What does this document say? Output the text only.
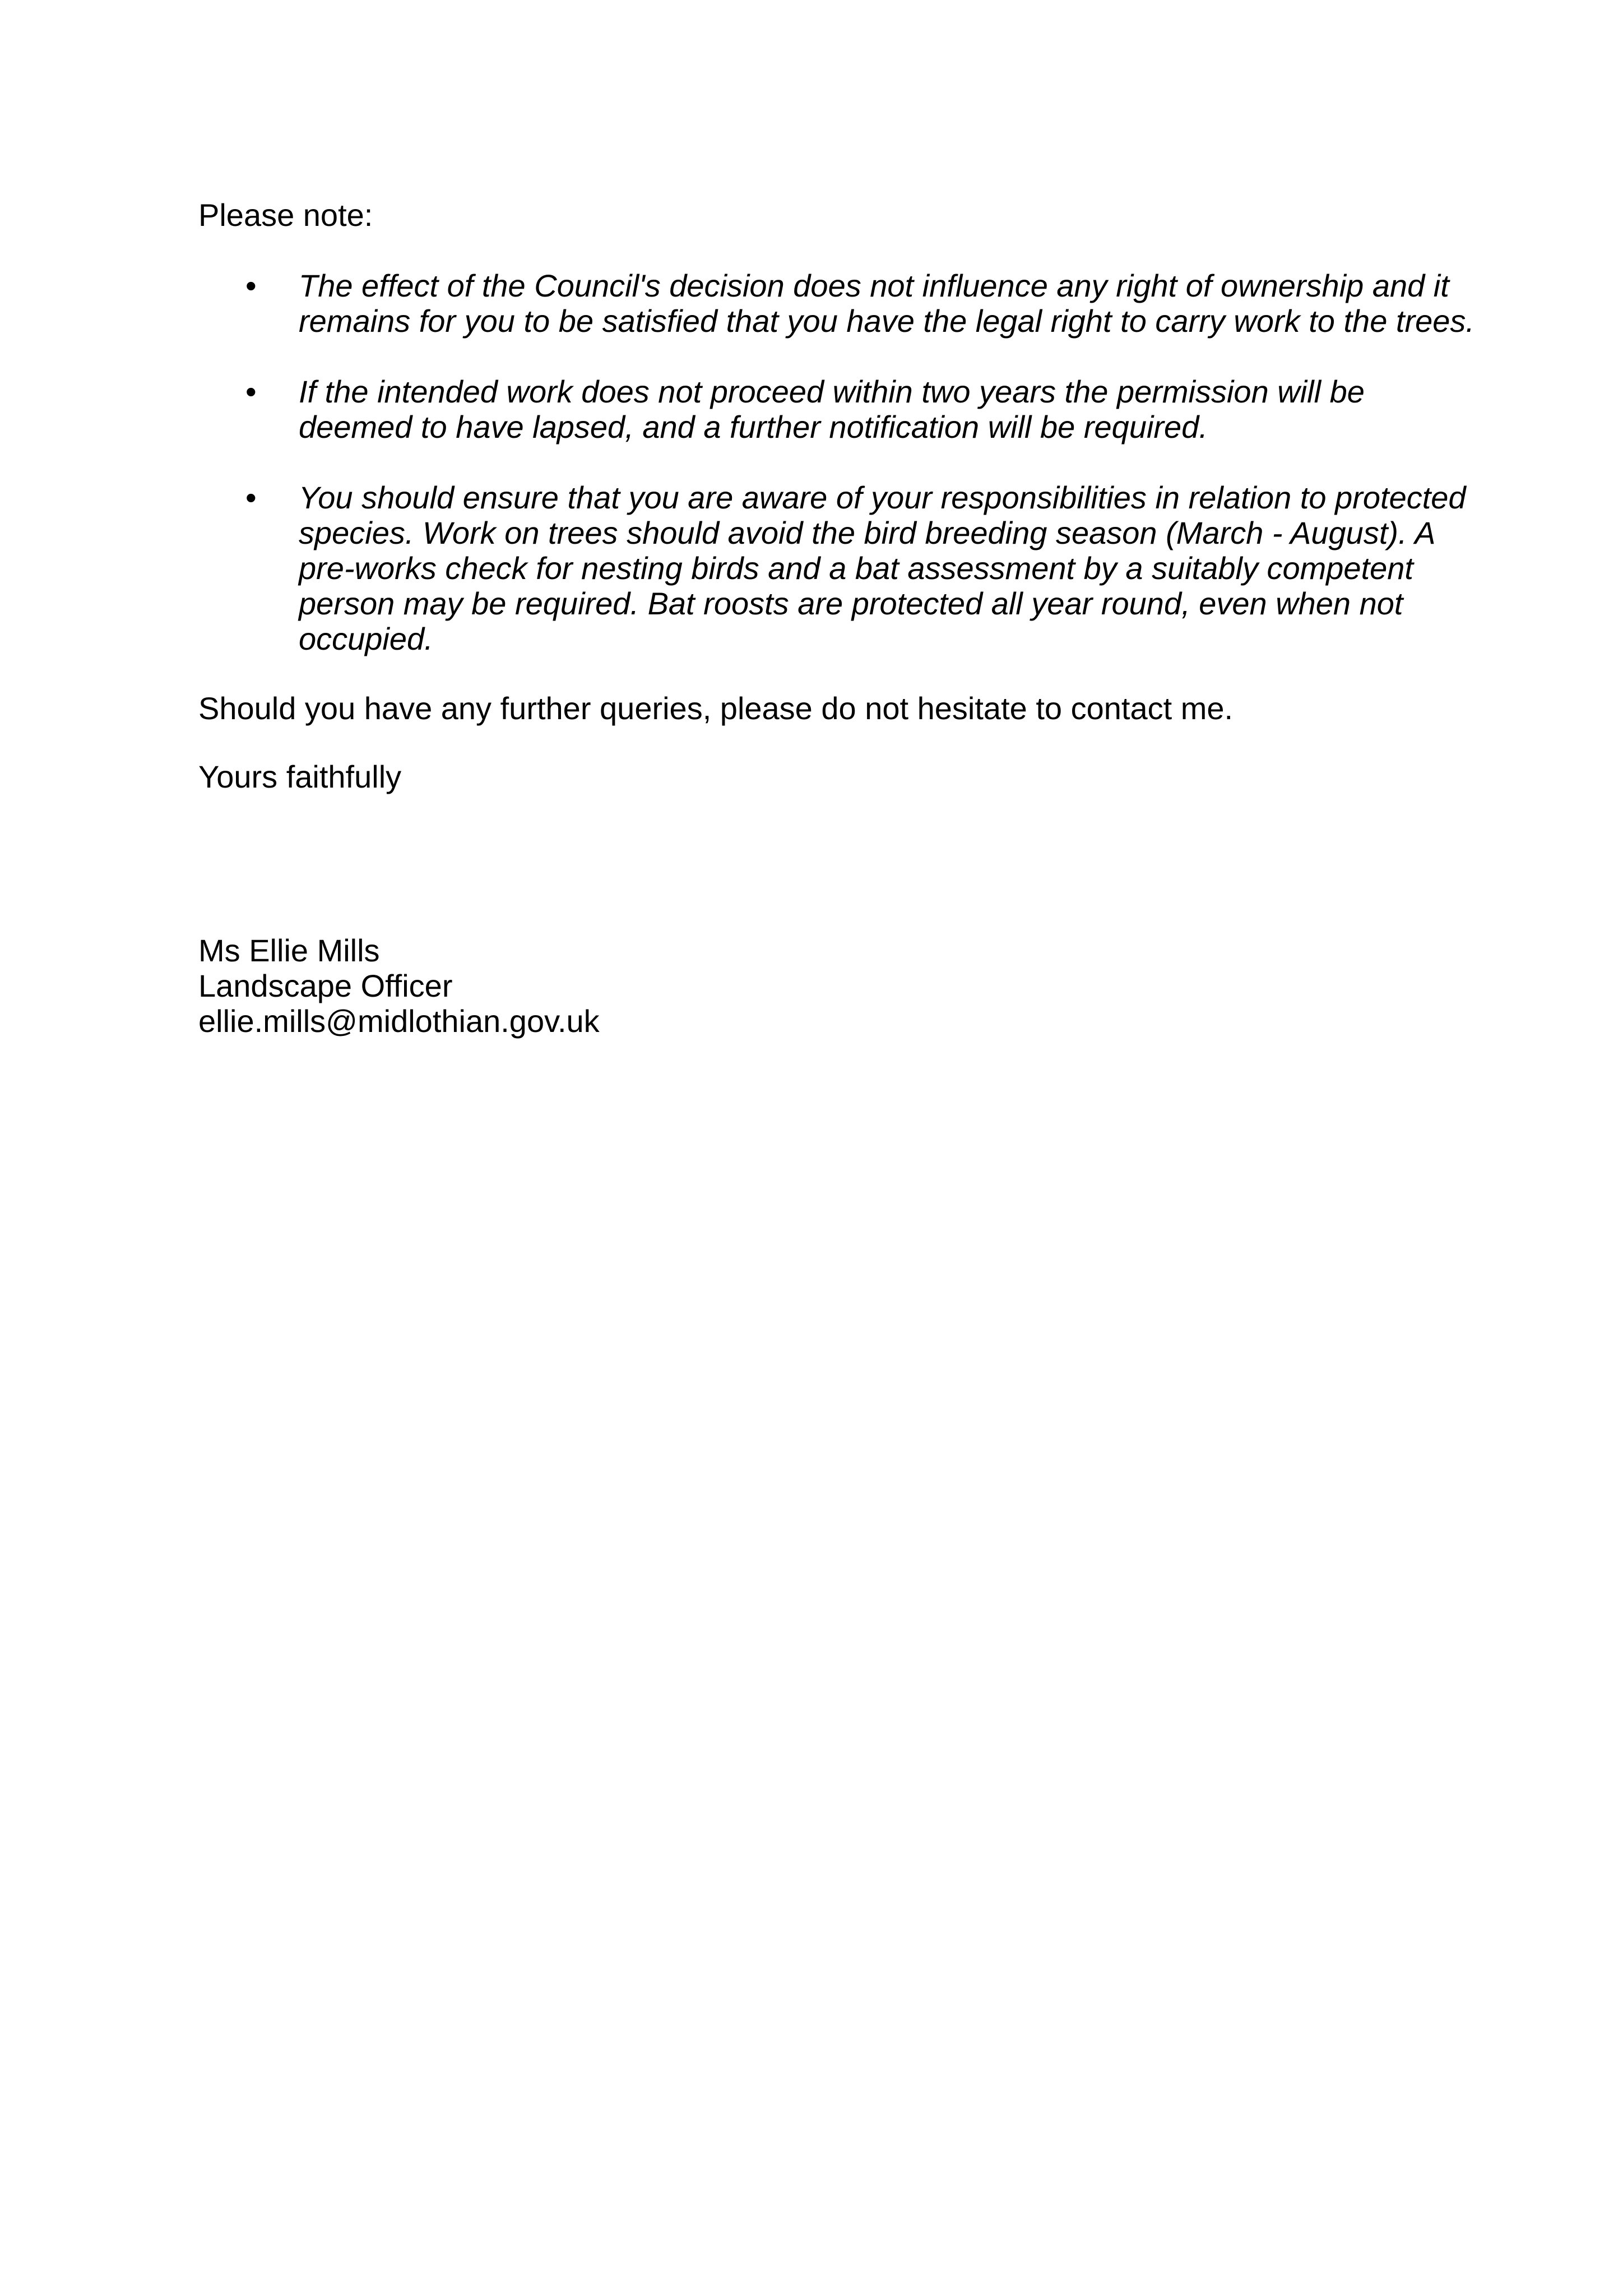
Please note:

• The effect of the Council's decision does not influence any right of ownership and it
remains for you to be satisfied that you have the legal right to carry work to the trees.
• If the intended work does not proceed within two years the permission will be
deemed to have lapsed, and a further notification will be required.
• You should ensure that you are aware of your responsibilities in relation to protected
species. Work on trees should avoid the bird breeding season (March - August). A
pre-works check for nesting birds and a bat assessment by a suitably competent
person may be required. Bat roosts are protected all year round, even when not
occupied.

Should you have any further queries, please do not hesitate to contact me.

Yours faithfully

Ms Ellie Mills
Landscape Officer
ellie.mills@midlothian.gov.uk
